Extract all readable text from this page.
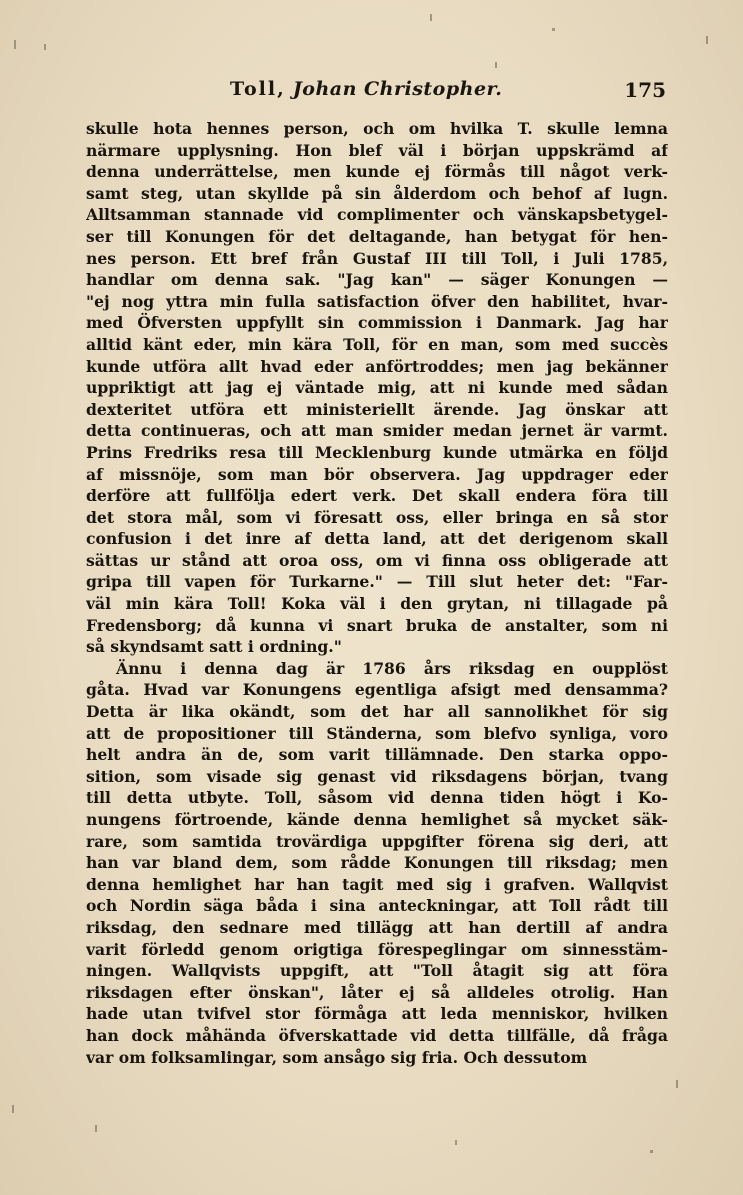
Toll, Johan Christopher.	175
skulle hota hennes person, och om hvilka T. skulle lemna
närmare upplysning. Hon blef väl i början uppskrämd af
denna underrättelse, men kunde ej förmås till något verk-
samt steg, utan skyllde på sin ålderdom och behof af lugn.
Alltsamman stannade vid complimenter och vänskapsbetygel-
ser till Konungen för det deltagande, han betygat för hen-
nes person. Ett bref från Gustaf III till Toll, i Juli 1785,
handlar om denna sak. "Jag kan" — säger Konungen —
"ej nog yttra min fulla satisfaction öfver den habilitet, hvar-
med Öfversten uppfyllt sin commission i Danmark. Jag har
alltid känt eder, min kära Toll, för en man, som med succès
kunde utföra allt hvad eder anförtroddes; men jag bekänner
uppriktigt att jag ej väntade mig, att ni kunde med sådan
dexteritet utföra ett ministeriellt ärende. Jag önskar att
detta continueras, och att man smider medan jernet är varmt.
Prins Fredriks resa till Mecklenburg kunde utmärka en följd
af missnöje, som man bör observera. Jag uppdrager eder
derföre att fullfölja edert verk. Det skall endera föra till
det stora mål, som vi föresatt oss, eller bringa en så stor
confusion i det inre af detta land, att det derigenom skall
sättas ur stånd att oroa oss, om vi finna oss obligerade att
gripa till vapen för Turkarne." — Till slut heter det: "Far-
väl min kära Toll! Koka väl i den grytan, ni tillagade på
Fredensborg; då kunna vi snart bruka de anstalter, som ni
så skyndsamt satt i ordning."
Ännu i denna dag är 1786 års riksdag en oupplöst
gåta. Hvad var Konungens egentliga afsigt med densamma?
Detta är lika okändt, som det har all sannolikhet för sig
att de propositioner till Ständerna, som blefvo synliga, voro
helt andra än de, som varit tillämnade. Den starka oppo-
sition, som visade sig genast vid riksdagens början, tvang
till detta utbyte. Toll, såsom vid denna tiden högt i Ko-
nungens förtroende, kände denna hemlighet så mycket säk-
rare, som samtida trovärdiga uppgifter förena sig deri, att
han var bland dem, som rådde Konungen till riksdag; men
denna hemlighet har han tagit med sig i grafven. Wallqvist
och Nordin säga båda i sina anteckningar, att Toll rådt till
riksdag, den sednare med tillägg att han dertill af andra
varit förledd genom origtiga förespeglingar om sinnesstäm-
ningen. Wallqvists uppgift, att "Toll åtagit sig att föra
riksdagen efter önskan", låter ej så alldeles otrolig. Han
hade utan tvifvel stor förmåga att leda menniskor, hvilken
han dock måhända öfverskattade vid detta tillfälle, då fråga
var om folksamlingar, som ansågo sig fria. Och dessutom
